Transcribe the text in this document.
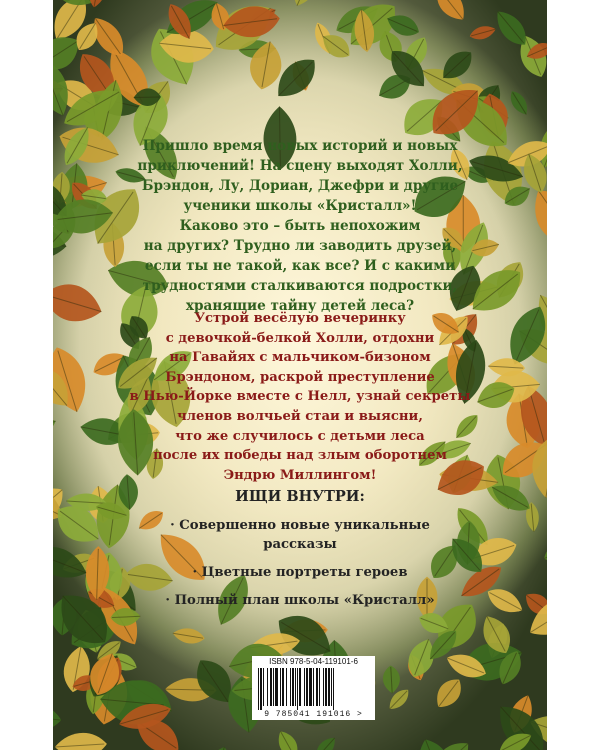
Пришло время новых историй и новых
приключений! На сцену выходят Холли,
Брэндон, Лу, Дориан, Джефри и другие
ученики школы «Кристалл»!
Каково это – быть непохожим
на других? Трудно ли заводить друзей,
если ты не такой, как все? И с какими
трудностями сталкиваются подростки,
хранящие тайну детей леса?
Устрой весёлую вечеринку
с девочкой-белкой Холли, отдохни
на Гавайях с мальчиком-бизоном
Брэндоном, раскрой преступление
в Нью-Йорке вместе с Нелл, узнай секреты
членов волчьей стаи и выясни,
что же случилось с детьми леса
после их победы над злым оборотнем
Эндрю Миллингом!
ИЩИ ВНУТРИ:
· Совершенно новые уникальные
рассказы
· Цветные портреты героев
· Полный план школы «Кристалл»
ISBN 978-5-04-119101-6
9 785041 191016 >
